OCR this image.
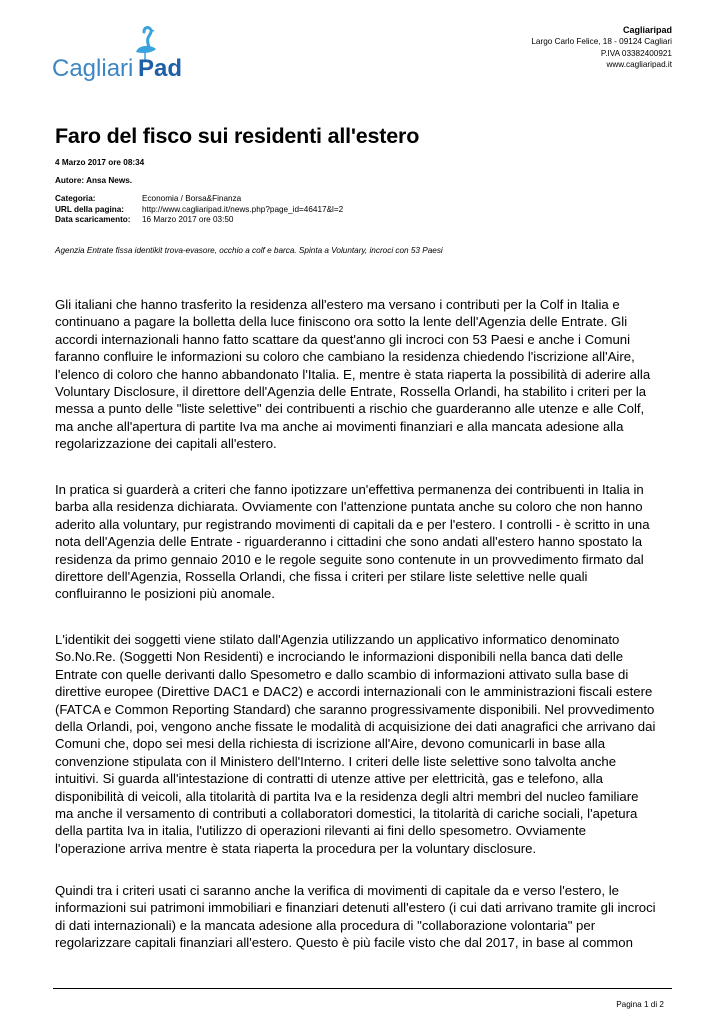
Cagliari Pad
Cagliaripad
Largo Carlo Felice, 18 - 09124 Cagliari
P.IVA 03382400921
www.cagliaripad.it
Faro del fisco sui residenti all'estero
4 Marzo 2017 ore 08:34
Autore: Ansa News.
Categoria:	Economia / Borsa&Finanza
URL della pagina:	http://www.cagliaripad.it/news.php?page_id=46417&l=2
Data scaricamento:	16 Marzo 2017 ore 03:50
Agenzia Entrate fissa identikit trova-evasore, occhio a colf e barca. Spinta a Voluntary, incroci con 53 Paesi
Gli italiani che hanno trasferito la residenza all'estero ma versano i contributi per la Colf in Italia e
continuano a pagare la bolletta della luce finiscono ora sotto la lente dell'Agenzia delle Entrate. Gli
accordi internazionali hanno fatto scattare da quest'anno gli incroci con 53 Paesi e anche i Comuni
faranno confluire le informazioni su coloro che cambiano la residenza chiedendo l'iscrizione all'Aire,
l'elenco di coloro che hanno abbandonato l'Italia. E, mentre è stata riaperta la possibilità di aderire alla
Voluntary Disclosure, il direttore dell'Agenzia delle Entrate, Rossella Orlandi, ha stabilito i criteri per la
messa a punto delle "liste selettive" dei contribuenti a rischio che guarderanno alle utenze e alle Colf,
ma anche all'apertura di partite Iva ma anche ai movimenti finanziari e alla mancata adesione alla
regolarizzazione dei capitali all'estero.
In pratica si guarderà a criteri che fanno ipotizzare un'effettiva permanenza dei contribuenti in Italia in
barba alla residenza dichiarata. Ovviamente con l'attenzione puntata anche su coloro che non hanno
aderito alla voluntary, pur registrando movimenti di capitali da e per l'estero. I controlli - è scritto in una
nota dell'Agenzia delle Entrate - riguarderanno i cittadini che sono andati all'estero hanno spostato la
residenza da primo gennaio 2010 e le regole seguite sono contenute in un provvedimento firmato dal
direttore dell'Agenzia, Rossella Orlandi, che fissa i criteri per stilare liste selettive nelle quali
confluiranno le posizioni più anomale.
L'identikit dei soggetti viene stilato dall'Agenzia utilizzando un applicativo informatico denominato
So.No.Re. (Soggetti Non Residenti) e incrociando le informazioni disponibili nella banca dati delle
Entrate con quelle derivanti dallo Spesometro e dallo scambio di informazioni attivato sulla base di
direttive europee (Direttive DAC1 e DAC2) e accordi internazionali con le amministrazioni fiscali estere
(FATCA e Common Reporting Standard) che saranno progressivamente disponibili. Nel provvedimento
della Orlandi, poi, vengono anche fissate le modalità di acquisizione dei dati anagrafici che arrivano dai
Comuni che, dopo sei mesi della richiesta di iscrizione all'Aire, devono comunicarli in base alla
convenzione stipulata con il Ministero dell'Interno. I criteri delle liste selettive sono talvolta anche
intuitivi. Si guarda all'intestazione di contratti di utenze attive per elettricità, gas e telefono, alla
disponibilità di veicoli, alla titolarità di partita Iva e la residenza degli altri membri del nucleo familiare
ma anche il versamento di contributi a collaboratori domestici, la titolarità di cariche sociali, l'apetura
della partita Iva in italia, l'utilizzo di operazioni rilevanti ai fini dello spesometro. Ovviamente
l'operazione arriva mentre è stata riaperta la procedura per la voluntary disclosure.
Quindi tra i criteri usati ci saranno anche la verifica di movimenti di capitale da e verso l'estero, le
informazioni sui patrimoni immobiliari e finanziari detenuti all'estero (i cui dati arrivano tramite gli incroci
di dati internazionali) e la mancata adesione alla procedura di "collaborazione volontaria" per
regolarizzare capitali finanziari all'estero. Questo è più facile visto che dal 2017, in base al common
Pagina 1 di 2
